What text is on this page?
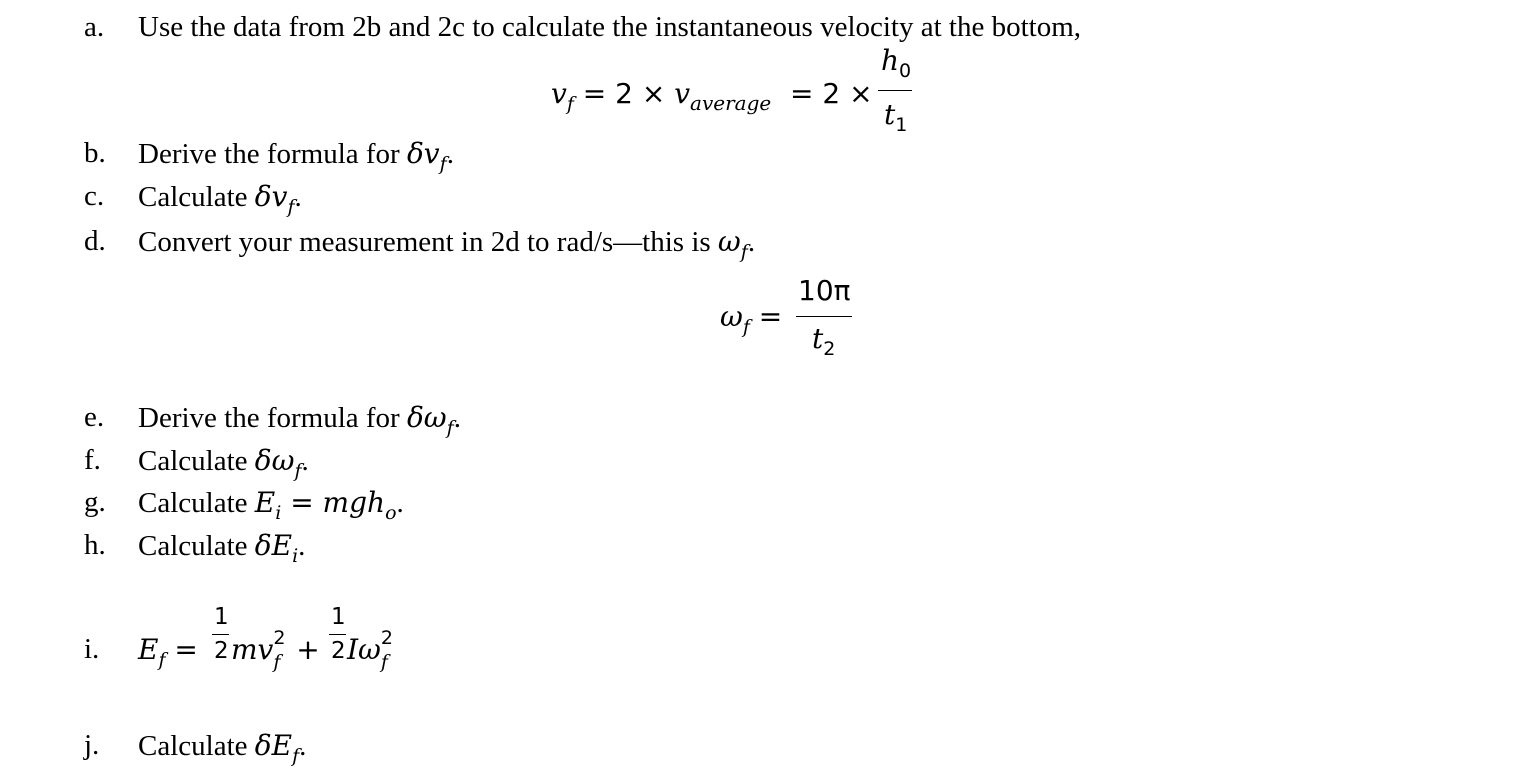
a. Use the data from 2b and 2c to calculate the instantaneous velocity at the bottom,
$v_f = 2 \times v_{average} = 2$ ×
$h_0$
$t_1$
b. Derive the formula for $\delta v_f$.
c. Calculate $\delta v_f$.
d. Convert your measurement in 2d to rad/s—this is $\omega_f$.
$\omega_f$ =
10π
$t_2$
e. Derive the formula for $\delta\omega_f$.
f. Calculate $\delta\omega_f$.
g. Calculate $E_i = mgh_o$.
h. Calculate $\delta E_i$.
i. $E_f$ =
1
2 mv 2
f +
1
2 Iω 2
f
j. Calculate $\delta E_f$.
